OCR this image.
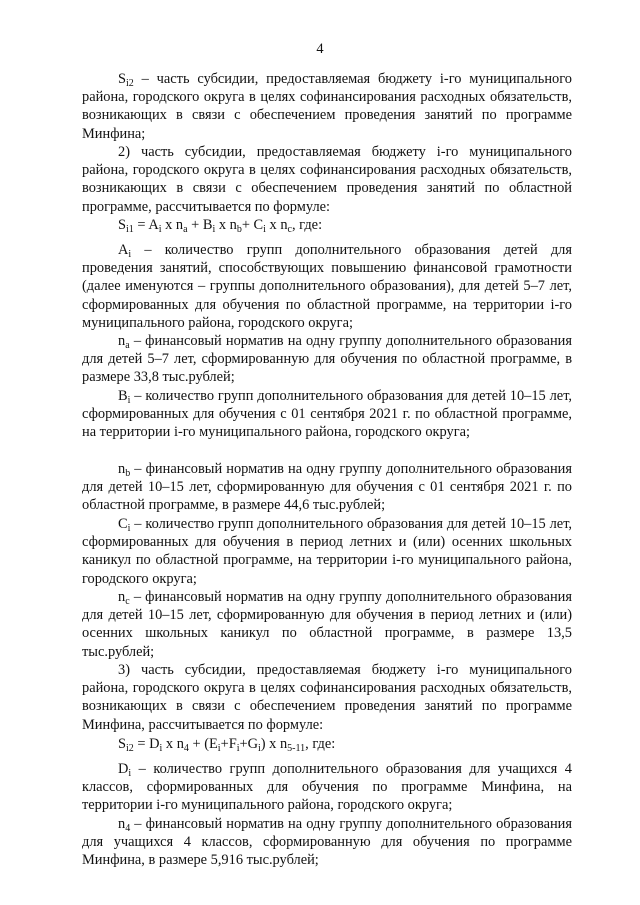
4
$S_{i2}$ – часть субсидии, предоставляемая бюджету i-го муниципального района, городского округа в целях софинансирования расходных обязательств, возникающих в связи с обеспечением проведения занятий по программе Минфина;
2) часть субсидии, предоставляемая бюджету i-го муниципального района, городского округа в целях софинансирования расходных обязательств, возникающих в связи с обеспечением проведения занятий по областной программе, рассчитывается по формуле:
$S_{i1} = A_i$ x $n_a + B_i$ x $n_b+ C_i$ x $n_c$, где:
$A_i$ – количество групп дополнительного образования детей для проведения занятий, способствующих повышению финансовой грамотности (далее именуются – группы дополнительного образования), для детей 5–7 лет, сформированных для обучения по областной программе, на территории i-го муниципального района, городского округа;
$n_a$ – финансовый норматив на одну группу дополнительного образования для детей 5–7 лет, сформированную для обучения по областной программе, в размере 33,8 тыс.рублей;
$B_i$ – количество групп дополнительного образования для детей 10–15 лет, сформированных для обучения с 01 сентября 2021 г. по областной программе, на территории i-го муниципального района, городского округа;
$n_b$ – финансовый норматив на одну группу дополнительного образования для детей 10–15 лет, сформированную для обучения с 01 сентября 2021 г. по областной программе, в размере 44,6 тыс.рублей;
$C_i$ – количество групп дополнительного образования для детей 10–15 лет, сформированных для обучения в период летних и (или) осенних школьных каникул по областной программе, на территории i-го муниципального района, городского округа;
$n_c$ – финансовый норматив на одну группу дополнительного образования для детей 10–15 лет, сформированную для обучения в период летних и (или) осенних школьных каникул по областной программе, в размере 13,5 тыс.рублей;
3) часть субсидии, предоставляемая бюджету i-го муниципального района, городского округа в целях софинансирования расходных обязательств, возникающих в связи с обеспечением проведения занятий по программе Минфина, рассчитывается по формуле:
$S_{i2} = D_i$ x $n_4 + (E_i+F_i+G_i)$ x $n_{5-11}$, где:
$D_i$ – количество групп дополнительного образования для учащихся 4 классов, сформированных для обучения по программе Минфина, на территории i-го муниципального района, городского округа;
$n_4$ – финансовый норматив на одну группу дополнительного образования для учащихся 4 классов, сформированную для обучения по программе Минфина, в размере 5,916 тыс.рублей;
